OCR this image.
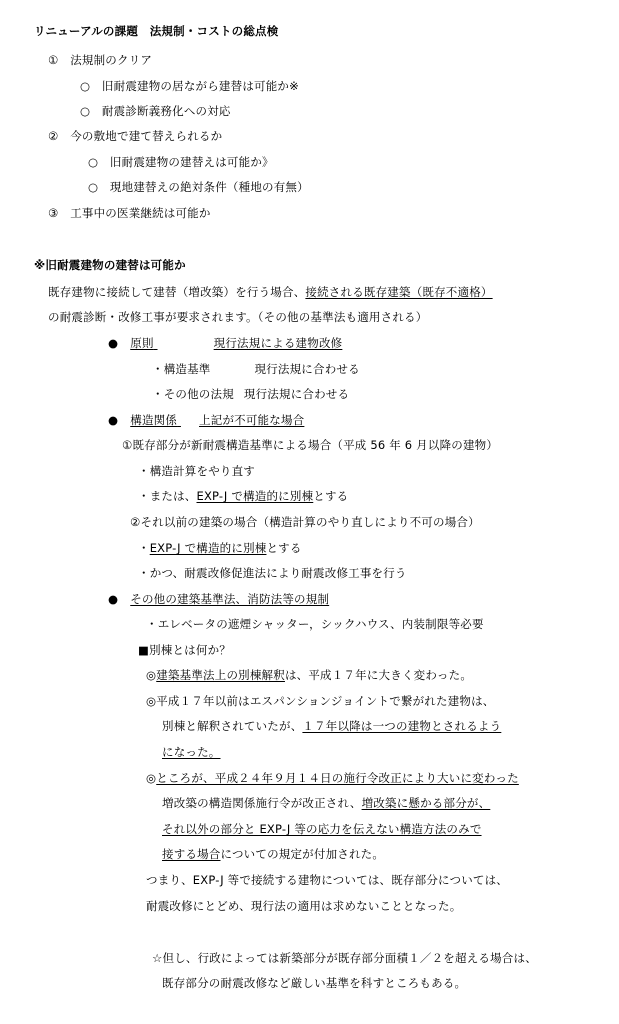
リニューアルの課題　法規制・コストの総点検
①　法規制のクリア
○　旧耐震建物の居ながら建替は可能か※
○　耐震診断義務化への対応
②　今の敷地で建て替えられるか
○　旧耐震建物の建替えは可能か》
○　現地建替えの絶対条件（種地の有無）
③　工事中の医業継続は可能か
※旧耐震建物の建替は可能か
既存建物に接続して建替（増改築）を行う場合、接続される既存建築（既存不適格）
の耐震診断・改修工事が要求されます。（その他の基準法も適用される）
● 原則	現行法規による建物改修
・構造基準	現行法規に合わせる
・その他の法規 現行法規に合わせる
● 構造関係 上記が不可能な場合
①既存部分が新耐震構造基準による場合（平成 56 年 6 月以降の建物）
・構造計算をやり直す
・または、EXP-J で構造的に別棟とする
②それ以前の建築の場合（構造計算のやり直しにより不可の場合）
・EXP-J で構造的に別棟とする
・かつ、耐震改修促進法により耐震改修工事を行う
● その他の建築基準法、消防法等の規制
・エレベータの遮煙シャッター，シックハウス、内装制限等必要
■別棟とは何か？
◎建築基準法上の別棟解釈は、平成１７年に大きく変わった。
◎平成１７年以前はエスパンションジョイントで繋がれた建物は、
別棟と解釈されていたが、１７年以降は一つの建物とされるよう
になった。
◎ところが、平成２４年９月１４日の施行令改正により大いに変わった
増改築の構造関係施行令が改正され、増改築に懸かる部分が、
それ以外の部分と EXP-J 等の応力を伝えない構造方法のみで
接する場合についての規定が付加された。
つまり、EXP-J 等で接続する建物については、既存部分については、
耐震改修にとどめ、現行法の適用は求めないこととなった。
☆但し、行政によっては新築部分が既存部分面積１／２を超える場合は、
既存部分の耐震改修など厳しい基準を科すところもある。
